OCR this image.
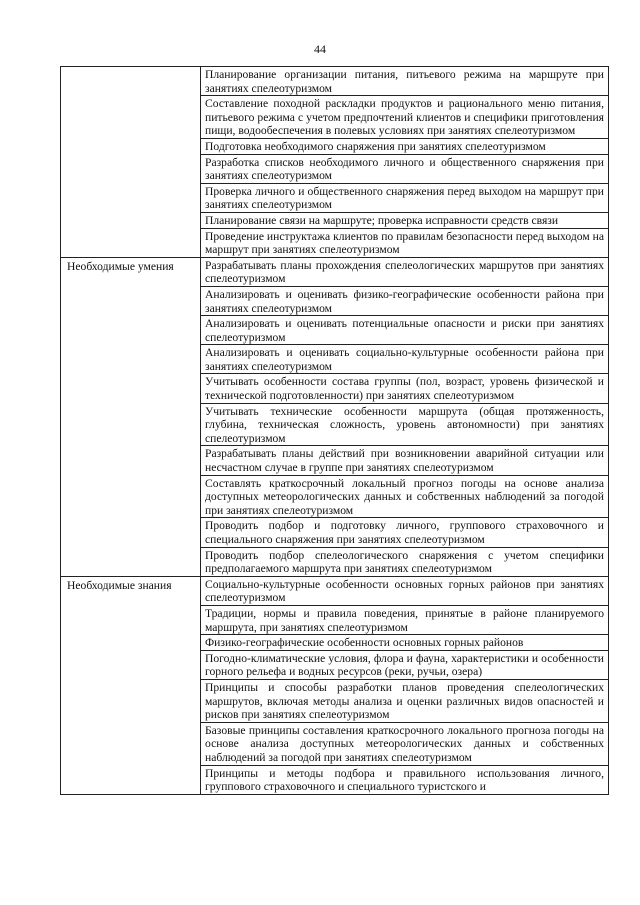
44
	Планирование организации питания, питьевого режима на маршруте при занятиях спелеотуризмом
	Составление походной раскладки продуктов и рационального меню питания, питьевого режима с учетом предпочтений клиентов и специфики приготовления пищи, водообеспечения в полевых условиях при занятиях спелеотуризмом
	Подготовка необходимого снаряжения при занятиях спелеотуризмом
	Разработка списков необходимого личного и общественного снаряжения при занятиях спелеотуризмом
	Проверка личного и общественного снаряжения перед выходом на маршрут при занятиях спелеотуризмом
	Планирование связи на маршруте; проверка исправности средств связи
	Проведение инструктажа клиентов по правилам безопасности перед выходом на маршрут при занятиях спелеотуризмом
Необходимые умения	Разрабатывать планы прохождения спелеологических маршрутов при занятиях спелеотуризмом
	Анализировать и оценивать физико-географические особенности района при занятиях спелеотуризмом
	Анализировать и оценивать потенциальные опасности и риски при занятиях спелеотуризмом
	Анализировать и оценивать социально-культурные особенности района при занятиях спелеотуризмом
	Учитывать особенности состава группы (пол, возраст, уровень физической и технической подготовленности) при занятиях спелеотуризмом
	Учитывать технические особенности маршрута (общая протяженность, глубина, техническая сложность, уровень автономности) при занятиях спелеотуризмом
	Разрабатывать планы действий при возникновении аварийной ситуации или несчастном случае в группе при занятиях спелеотуризмом
	Составлять краткосрочный локальный прогноз погоды на основе анализа доступных метеорологических данных и собственных наблюдений за погодой при занятиях спелеотуризмом
	Проводить подбор и подготовку личного, группового страховочного и специального снаряжения при занятиях спелеотуризмом
	Проводить подбор спелеологического снаряжения с учетом специфики предполагаемого маршрута при занятиях спелеотуризмом
Необходимые знания	Социально-культурные особенности основных горных районов при занятиях спелеотуризмом
	Традиции, нормы и правила поведения, принятые в районе планируемого маршрута, при занятиях спелеотуризмом
	Физико-географические особенности основных горных районов
	Погодно-климатические условия, флора и фауна, характеристики и особенности горного рельефа и водных ресурсов (реки, ручьи, озера)
	Принципы и способы разработки планов проведения спелеологических маршрутов, включая методы анализа и оценки различных видов опасностей и рисков при занятиях спелеотуризмом
	Базовые принципы составления краткосрочного локального прогноза погоды на основе анализа доступных метеорологических данных и собственных наблюдений за погодой при занятиях спелеотуризмом
	Принципы и методы подбора и правильного использования личного, группового страховочного и специального туристского и
